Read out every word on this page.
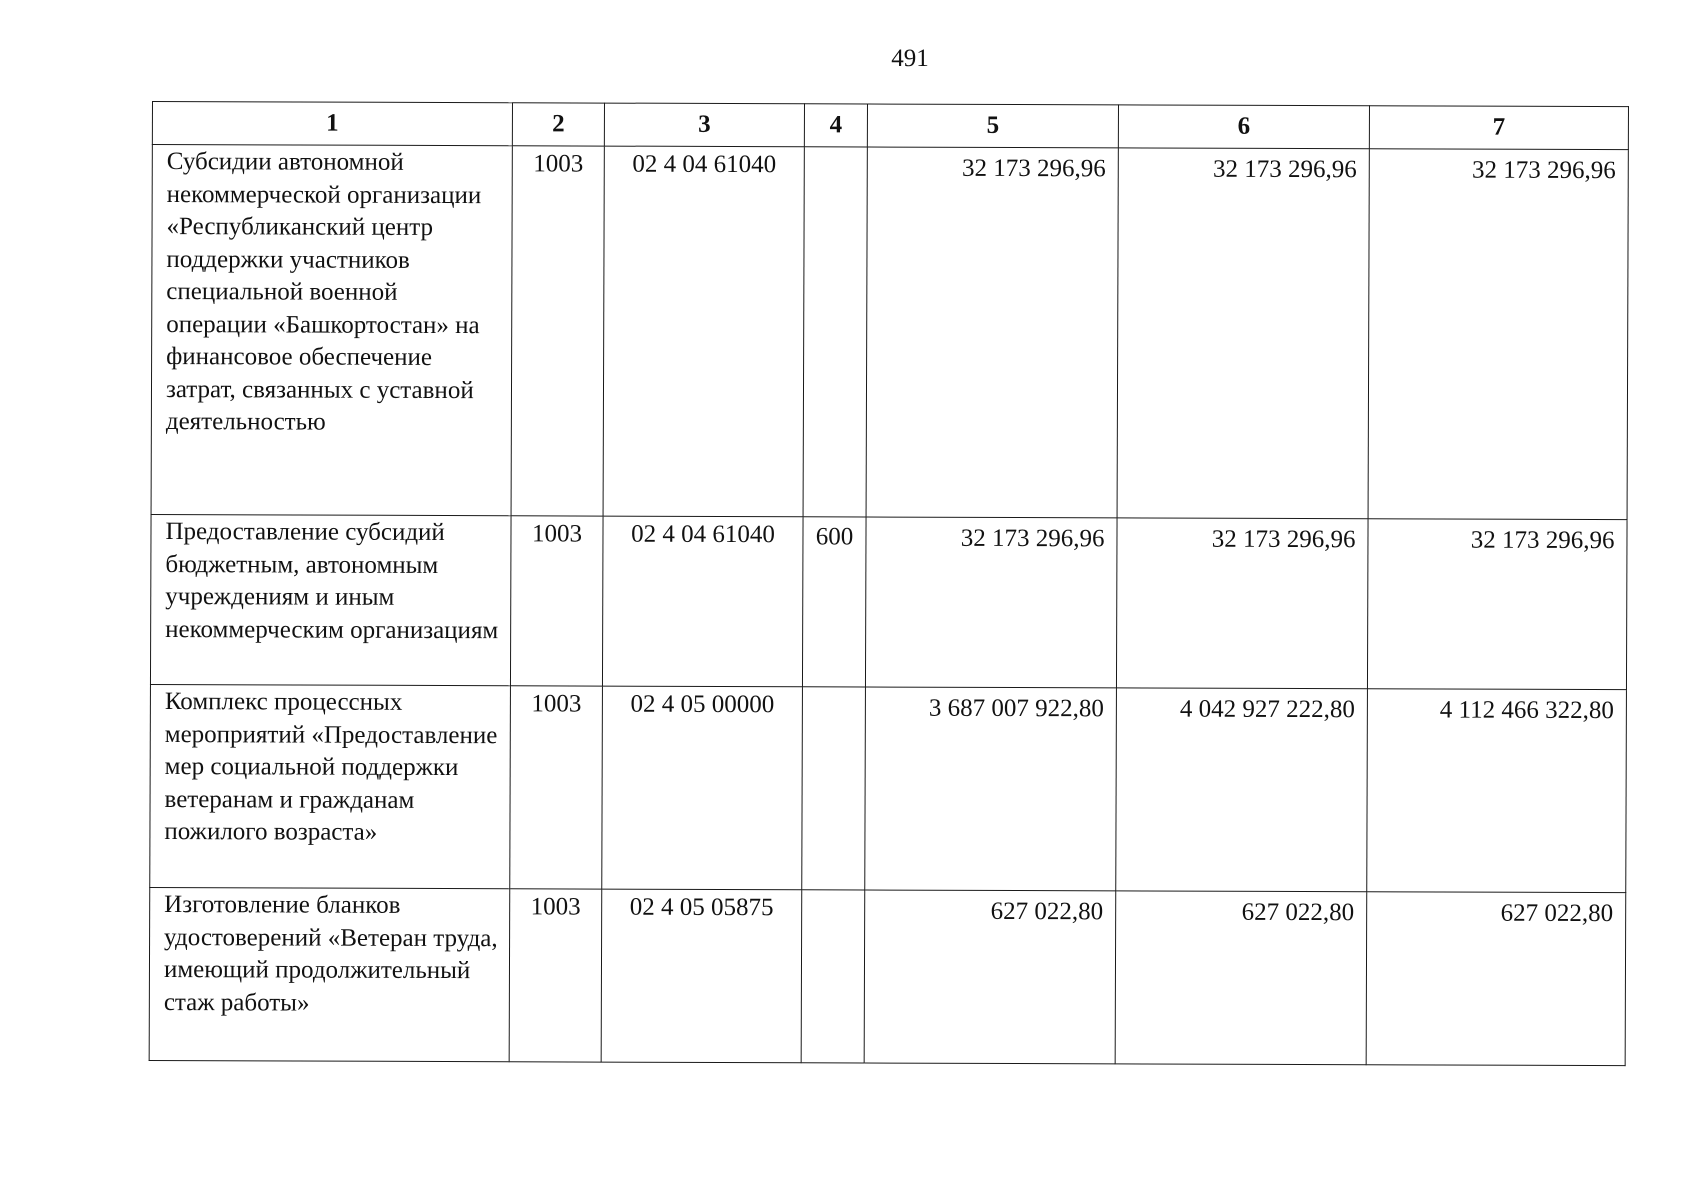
491
1	2	3	4	5	6	7
Субсидии автономной некоммерческой организации «Республиканский центр поддержки участников специальной военной операции «Башкортостан» на финансовое обеспечение затрат, связанных с уставной деятельностью	1003	02 4 04 61040		32 173 296,96	32 173 296,96	32 173 296,96
Предоставление субсидий бюджетным, автономным учреждениям и иным некоммерческим организациям	1003	02 4 04 61040	600	32 173 296,96	32 173 296,96	32 173 296,96
Комплекс процессных мероприятий «Предоставление мер социальной поддержки ветеранам и гражданам пожилого возраста»	1003	02 4 05 00000		3 687 007 922,80	4 042 927 222,80	4 112 466 322,80
Изготовление бланков удостоверений «Ветеран труда, имеющий продолжительный стаж работы»	1003	02 4 05 05875		627 022,80	627 022,80	627 022,80
